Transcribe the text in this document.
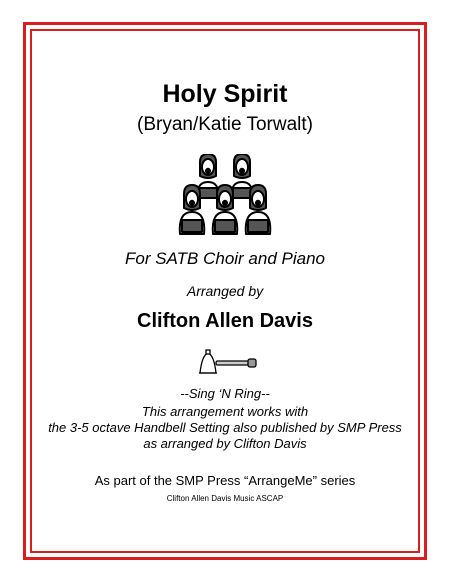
Holy Spirit
(Bryan/Katie Torwalt)
For SATB Choir and Piano
Arranged by
Clifton Allen Davis
--Sing ‘N Ring--
This arrangement works with
the 3-5 octave Handbell Setting also published by SMP Press
as arranged by Clifton Davis
As part of the SMP Press “ArrangeMe” series
Clifton Allen Davis Music ASCAP
